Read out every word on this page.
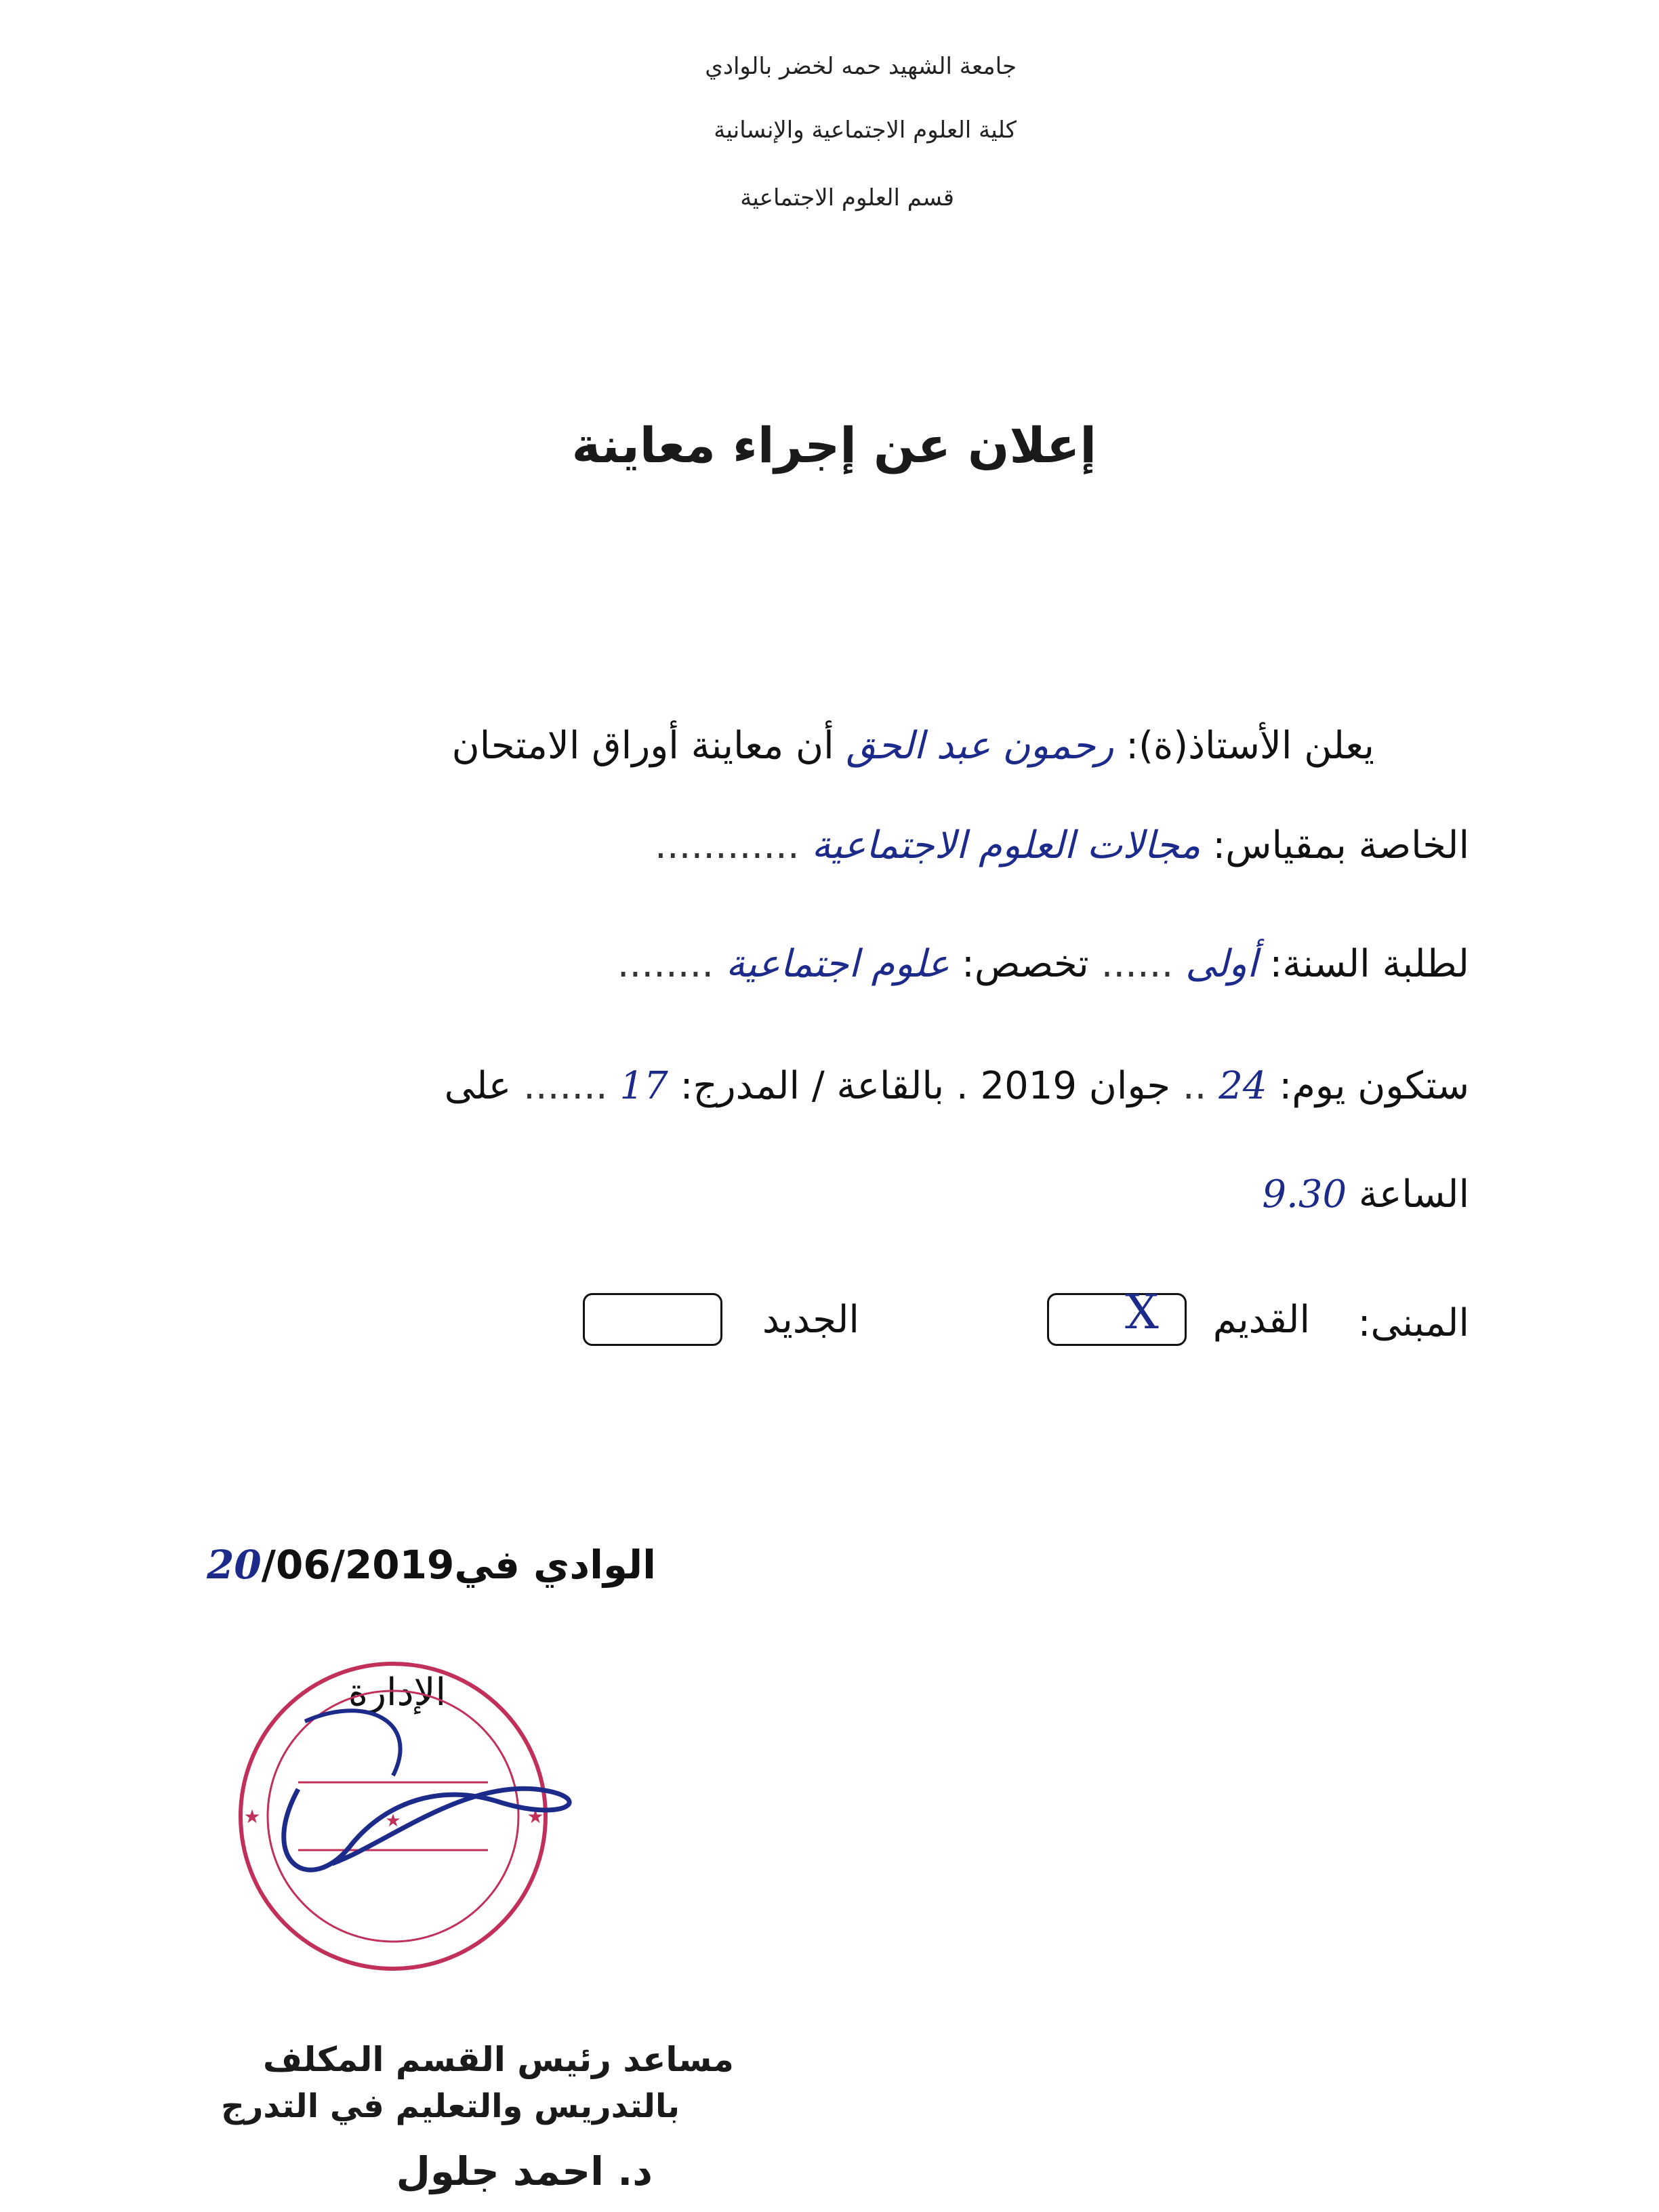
جامعة الشهيد حمه لخضر بالوادي
كلية العلوم الاجتماعية والإنسانية
قسم العلوم الاجتماعية
إعلان عن إجراء معاينة
يعلن الأستاذ(ة): رحمون عبد الحق أن معاينة أوراق الامتحان
الخاصة بمقياس: مجالات العلوم الاجتماعية ............
لطلبة السنة: أولى ...... تخصص: علوم اجتماعية ........
ستكون يوم: 24 .. جوان 2019 . بالقاعة / المدرج: 17 ....... على
الساعة 9.30
المبنى:
القديم
X
الجديد
الوادي في20/06/2019
الإدارة
★
★	★
مساعد رئيس القسم المكلف
بالتدريس والتعليم في التدرج
د. احمد جلول
